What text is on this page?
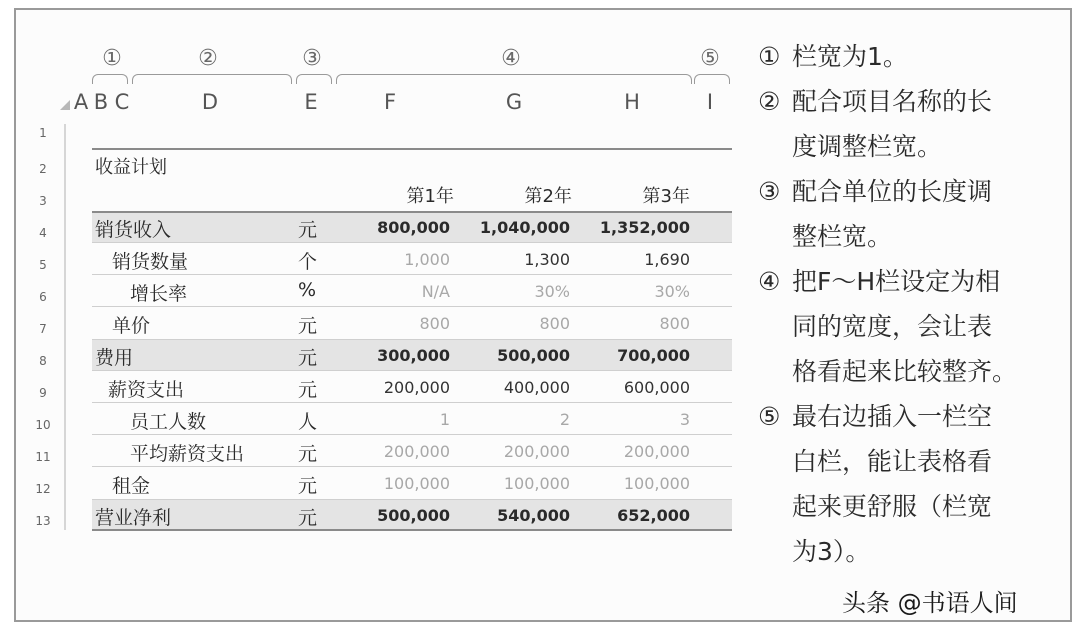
①	②	③	④	⑤
A B C	D	E	F	G	H	I
1
2
3
4
5
6
7
8
9
10
11
12
13
收益计划
第1年	第2年	第3年
销货收入	元	800,000	1,040,000	1,352,000
销货数量	个	1,000	1,300	1,690
增长率	%	N/A	30%	30%
单价	元	800	800	800
费用	元	300,000	500,000	700,000
薪资支出	元	200,000	400,000	600,000
员工人数	人	1	2	3
平均薪资支出	元	200,000	200,000	200,000
租金	元	100,000	100,000	100,000
营业净利	元	500,000	540,000	652,000
① 栏宽为1。
② 配合项目名称的长
度调整栏宽。
③ 配合单位的长度调
整栏宽。
④ 把F～H栏设定为相
同的宽度，会让表
格看起来比较整齐。
⑤ 最右边插入一栏空
白栏，能让表格看
起来更舒服（栏宽
为3）。
头条 @书语人间
